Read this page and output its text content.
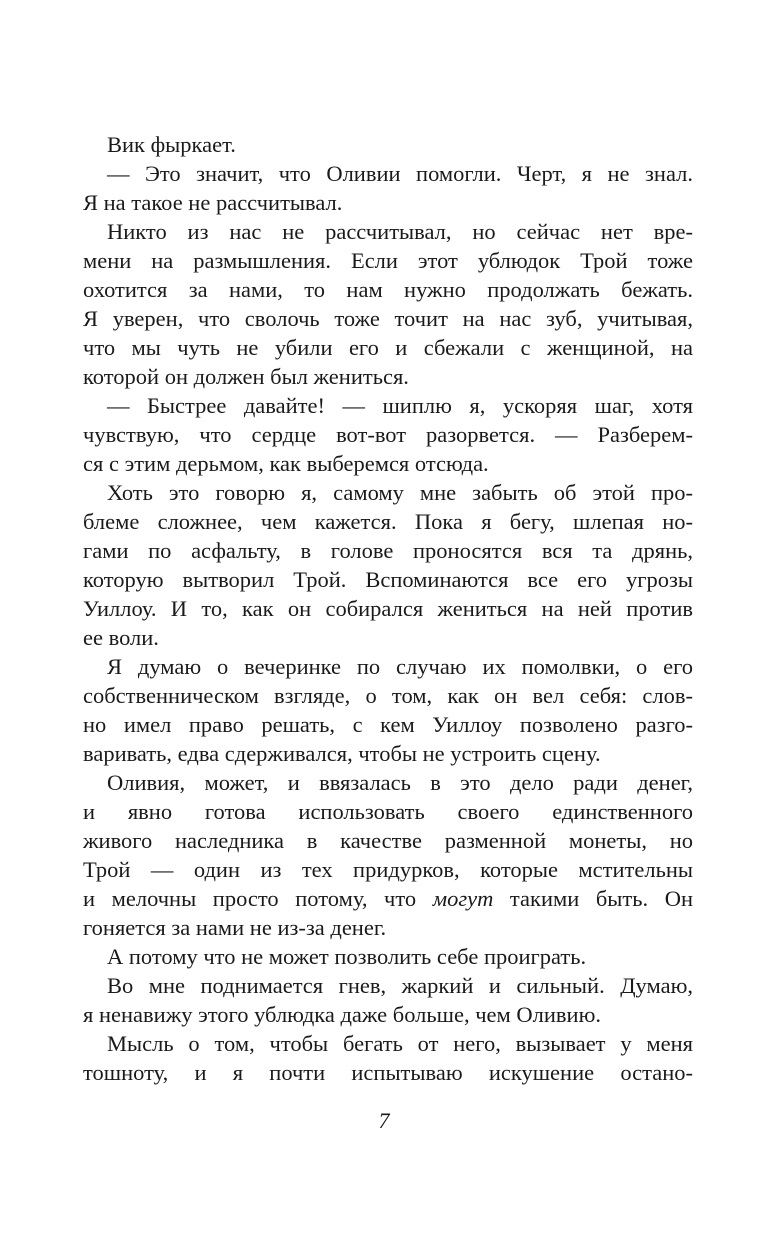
Вик фыркает.
— Это значит, что Оливии помогли. Черт, я не знал.
Я на такое не рассчитывал.
Никто из нас не рассчитывал, но сейчас нет вре-
мени на размышления. Если этот ублюдок Трой тоже
охотится за нами, то нам нужно продолжать бежать.
Я уверен, что сволочь тоже точит на нас зуб, учитывая,
что мы чуть не убили его и сбежали с женщиной, на
которой он должен был жениться.
— Быстрее давайте! — шиплю я, ускоряя шаг, хотя
чувствую, что сердце вот-вот разорвется. — Разберем-
ся с этим дерьмом, как выберемся отсюда.
Хоть это говорю я, самому мне забыть об этой про-
блеме сложнее, чем кажется. Пока я бегу, шлепая но-
гами по асфальту, в голове проносятся вся та дрянь,
которую вытворил Трой. Вспоминаются все его угрозы
Уиллоу. И то, как он собирался жениться на ней против
ее воли.
Я думаю о вечеринке по случаю их помолвки, о его
собственническом взгляде, о том, как он вел себя: слов-
но имел право решать, с кем Уиллоу позволено разго-
варивать, едва сдерживался, чтобы не устроить сцену.
Оливия, может, и ввязалась в это дело ради денег,
и явно готова использовать своего единственного
живого наследника в качестве разменной монеты, но
Трой — один из тех придурков, которые мстительны
и мелочны просто потому, что могут такими быть. Он
гоняется за нами не из-за денег.
А потому что не может позволить себе проиграть.
Во мне поднимается гнев, жаркий и сильный. Думаю,
я ненавижу этого ублюдка даже больше, чем Оливию.
Мысль о том, чтобы бегать от него, вызывает у меня
тошноту, и я почти испытываю искушение остано-
7
